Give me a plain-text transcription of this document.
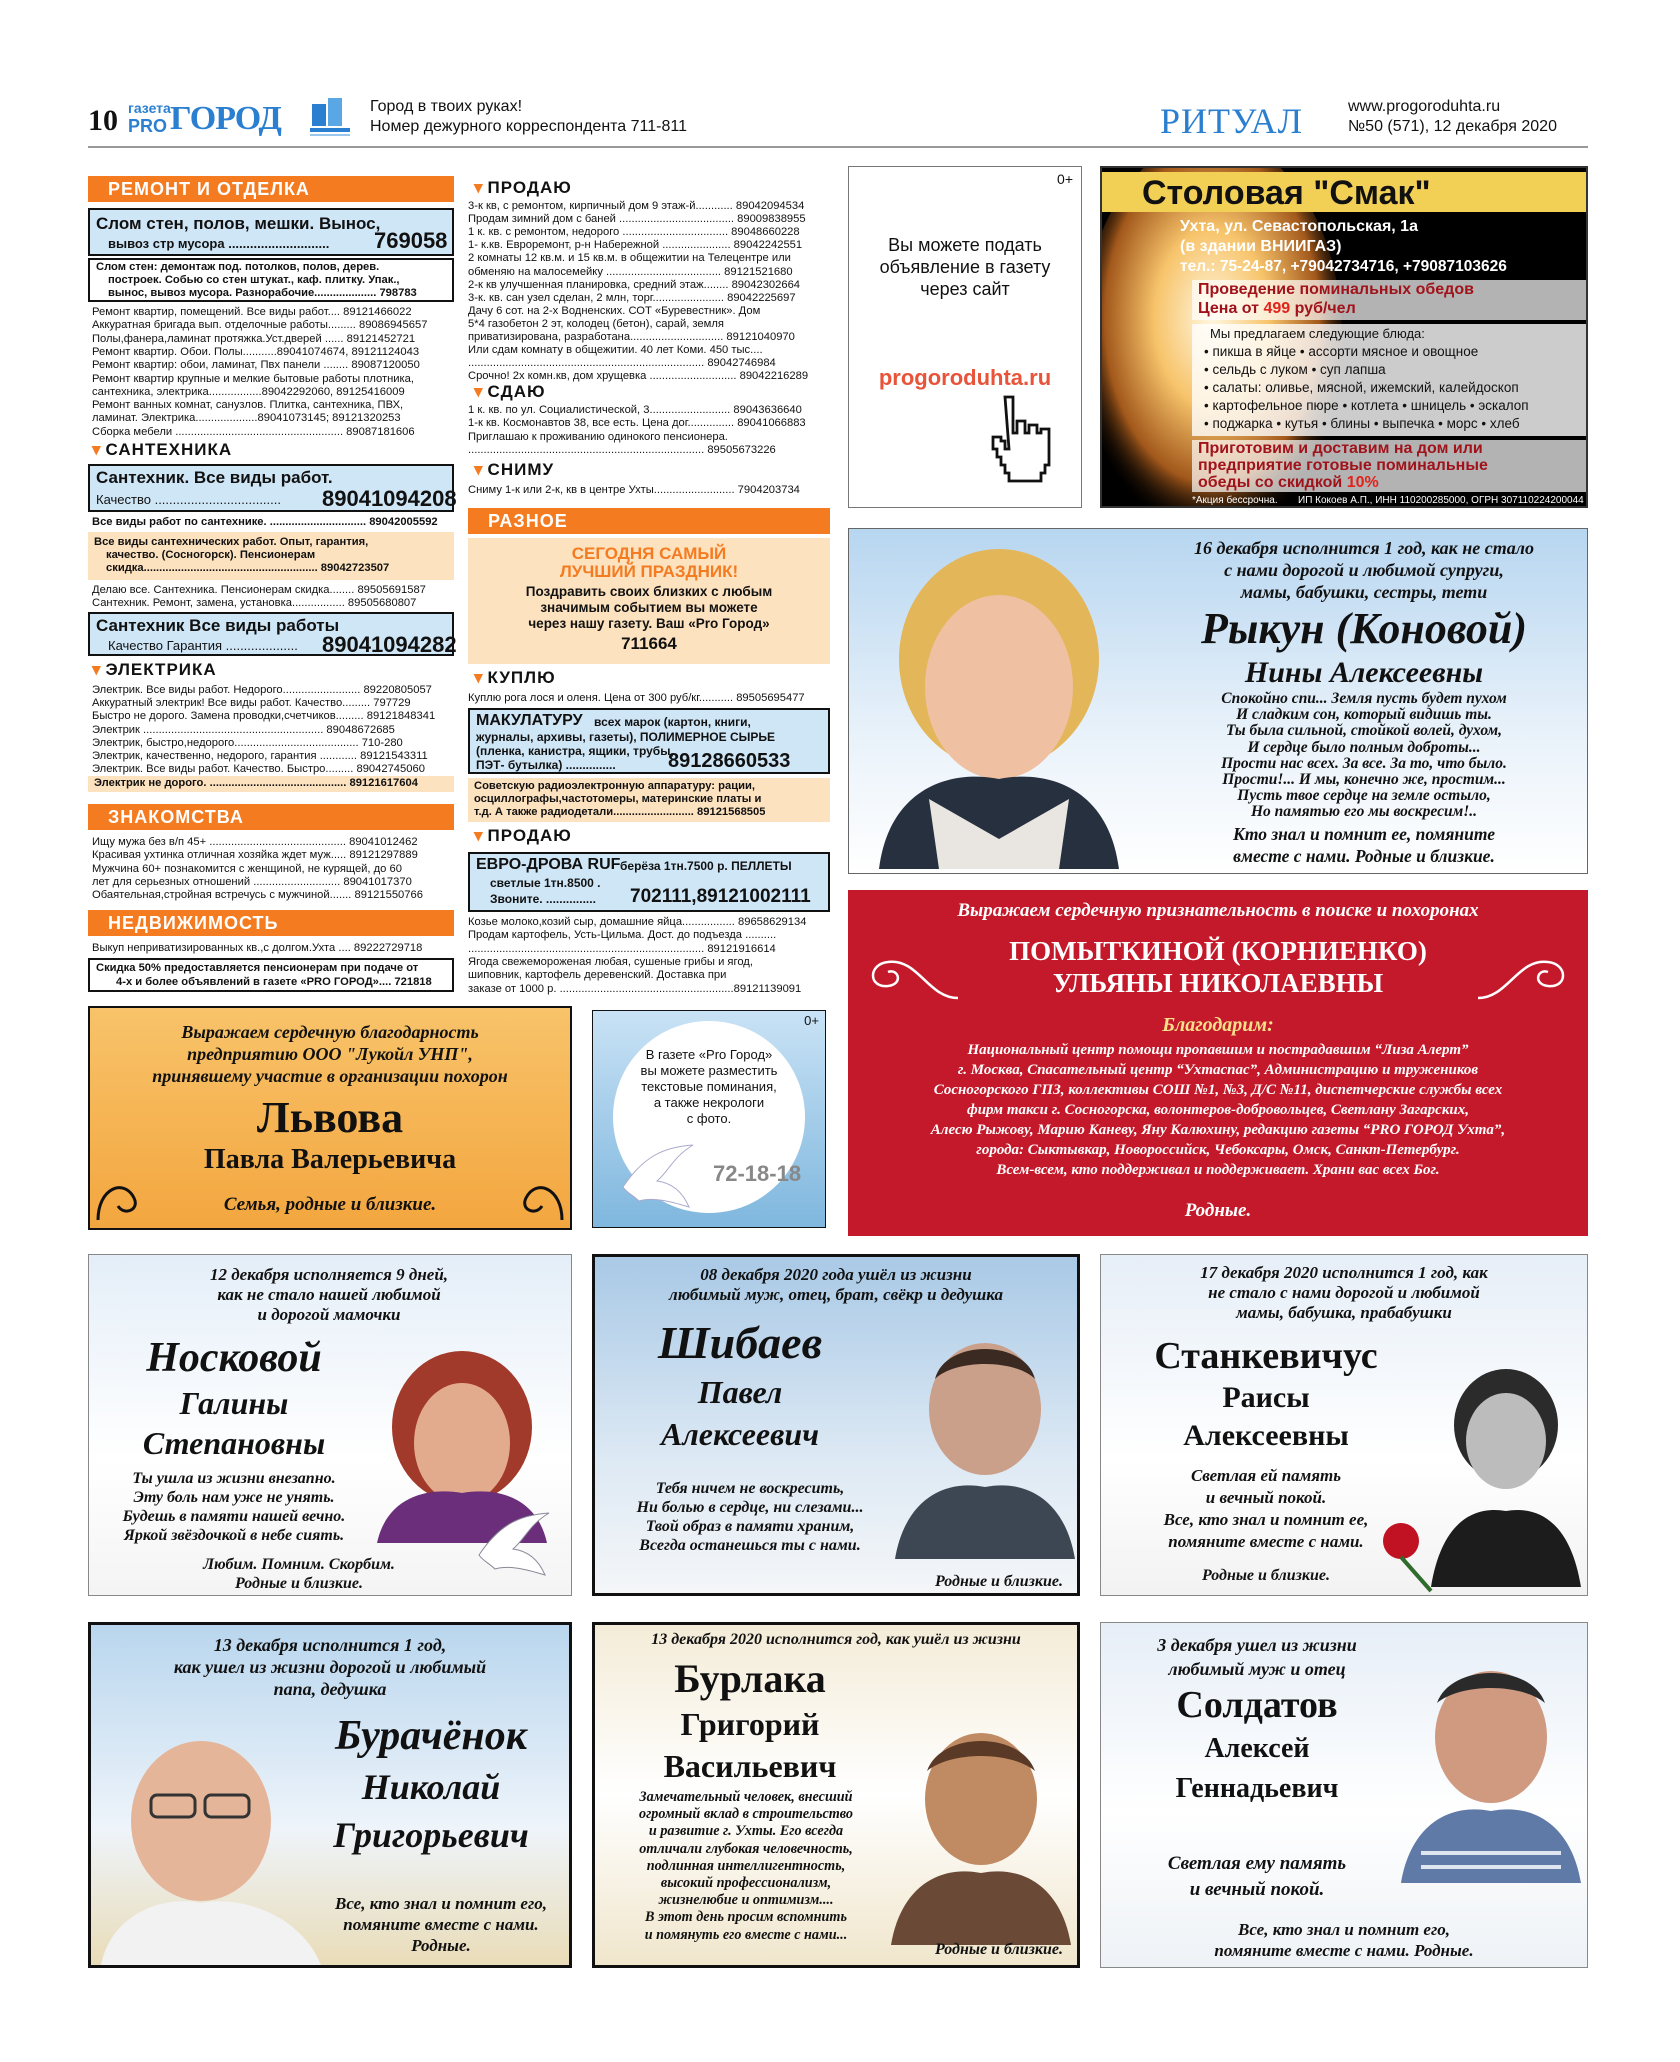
10 газета
PRO ГОРОД	Город в твоих руках!
Номер дежурного корреспондента 711-811	РИТУАЛ	www.progoroduhta.ru
№50 (571), 12 декабря 2020
РЕМОНТ И ОТДЕЛКА
Слом стен, полов, мешки. Вынос,
вывоз стр мусора ............................ 769058
Слом стен: демонтаж под. потолков, полов, дерев.
построек. Собью со стен штукат., каф. плитку. Упак.,
вынос, вывоз мусора. Разнорабочие.................... 798783
Ремонт квартир, помещений. Все виды работ.... 89121466022
Аккуратная бригада вып. отделочные работы......... 89086945657
Полы,фанера,ламинат протяжка.Уст.дверей ...... 89121452721
Ремонт квартир. Обои. Полы...........89041074674, 89121124043
Ремонт квартир: обои, ламинат, Пвх панели ........ 89087120050
Ремонт квартир крупные и мелкие бытовые работы плотника,
сантехника, электрика.................89042292060, 89125416009
Ремонт ванных комнат, санузлов. Плитка, сантехника, ПВХ,
ламинат. Электрика....................89041073145; 89121320253
Сборка мебели ...................................................... 89087181606
▾ САНТЕХНИКА
Сантехник. Все виды работ.
Качество ................................... 89041094208
Все виды работ по сантехнике. ............................... 89042005592
Все виды сантехнических работ. Опыт, гарантия,
качество. (Сосногорск). Пенсионерам
скидка........................................................ 89042723507
Делаю все. Сантехника. Пенсионерам скидка........ 89505691587
Сантехник. Ремонт, замена, установка................. 89505680807
Сантехник Все виды работы
Качество Гарантия .................... 89041094282
▾ ЭЛЕКТРИКА
Электрик. Все виды работ. Недорого......................... 89220805057
Аккуратный электрик! Все виды работ. Качество......... 797729
Быстро не дорого. Замена проводки,счетчиков......... 89121848341
Электрик .......................................................... 89048672685
Электрик, быстро,недорого........................................ 710-280
Электрик, качественно, недорого, гарантия ............ 89121543311
Электрик. Все виды работ. Качество. Быстро......... 89042745060
Электрик не дорого. ............................................ 89121617604
ЗНАКОМСТВА
Ищу мужа без в/п 45+ ............................................ 89041012462
Красивая ухтинка отличная хозяйка ждет муж..... 89121297889
Мужчина 60+ познакомится с женщиной, не курящей, до 60
лет для серьезных отношений ............................ 89041017370
Обаятельная,стройная встречусь с мужчиной....... 89121550766
НЕДВИЖИМОСТЬ
Выкуп неприватизированных кв.,с долгом.Ухта .... 89222729718
Скидка 50% предоставляется пенсионерам при подаче от
4-х и более объявлений в газете «PRO ГОРОД».... 721818
▾ ПРОДАЮ
3-к кв, с ремонтом, кирпичный дом 9 этаж-й............ 89042094534
Продам зимний дом с баней ..................................... 89009838955
1 к. кв. с ремонтом, недорого .................................. 89048660228
1- к.кв. Евроремонт, р-н Набережной ...................... 89042242551
2 комнаты 12 кв.м. и 15 кв.м. в общежитии на Телецентре или
обменяю на малосемейку ..................................... 89121521680
2-к кв улучшенная планировка, средний этаж........ 89042302664
3-к. кв. сан узел сделан, 2 млн, торг....................... 89042225697
Дачу 6 сот. на 2-х Водненских. СОТ «Буревестник». Дом
5*4 газобетон 2 эт, колодец (бетон), сарай, земля
приватизирована, разработана.............................. 89121040970
Или сдам комнату в общежитии. 40 лет Коми. 450 тыс....
............................................................................ 89042746984
Срочно! 2х комн.кв, дом хрущевка ............................ 89042216289
▾ СДАЮ
1 к. кв. по ул. Социалистической, 3.......................... 89043636640
1-к кв. Космонавтов 38, все есть. Цена дог............... 89041066883
Приглашаю к проживанию одинокого пенсионера.
............................................................................ 89505673226
▾ СНИМУ
Сниму 1-к или 2-к, кв в центре Ухты.......................... 7904203734
РАЗНОЕ
СЕГОДНЯ САМЫЙ
ЛУЧШИЙ ПРАЗДНИК!
Поздравить своих близких с любым
значимым событием вы можете
через нашу газету. Ваш «Pro Город»
711664
▾ КУПЛЮ
Куплю рога лося и оленя. Цена от 300 руб/кг........... 89505695477
МАКУЛАТУРУ всех марок (картон, книги,
журналы, архивы, газеты), ПОЛИМЕРНОЕ СЫРЬЕ
(пленка, канистра, ящики, трубы,
ПЭТ- бутылка) ...............	89128660533
Советскую радиоэлектронную аппаратуру: рации,
осциллографы,частотомеры, материнские платы и
т.д. А также радиодетали.......................... 89121568505
▾ ПРОДАЮ
ЕВРО-ДРОВА RUF берёза 1тн.7500 р. ПЕЛЛЕТЫ
светлые 1тн.8500 .
Звоните. ............... 702111,89121002111
Козье молоко,козий сыр, домашние яйца................. 89658629134
Продам картофель, Усть-Цильма. Дост. до подъезда ..........
............................................................................ 89121916614
Ягода свежемороженая любая, сушеные грибы и ягод,
шиповник, картофель деревенский. Доставка при
заказе от 1000 р. ........................................................89121139091
0+
Вы можете подать
объявление в газету
через сайт
progoroduhta.ru
Столовая "Смак"
Ухта, ул. Севастопольская, 1а
(в здании ВНИИГАЗ)
тел.: 75-24-87, +79042734716, +79087103626
Проведение поминальных обедов
Цена от 499 руб/чел
Мы предлагаем следующие блюда:
• пикша в яйце • ассорти мясное и овощное
• сельдь с луком • суп лапша
• салаты: оливье, мясной, ижемский, калейдоскоп
• картофельное пюре • котлета • шницель • эскалоп
• поджарка • кутья • блины • выпечка • морс • хлеб
Приготовим и доставим на дом или
предприятие готовые поминальные
обеды со скидкой 10%
*Акция бессрочна. ИП Кокоев А.П., ИНН 110200285000, ОГРН 307110224200044
16 декабря исполнится 1 год, как не стало
с нами дорогой и любимой супруги,
мамы, бабушки, сестры, тети
Рыкун (Коновой)
Нины Алексеевны
Спокойно спи... Земля пусть будет пухом
И сладким сон, который видишь ты.
Ты была сильной, стойкой волей, духом,
И сердце было полным доброты...
Прости нас всех. За все. За то, что было.
Прости!... И мы, конечно же, простим...
Пусть твое сердце на земле остыло,
Но памятью его мы воскресим!..
Кто знал и помнит ее, помяните
вместе с нами. Родные и близкие.
Выражаем сердечную признательность в поиске и похоронах
ПОМЫТКИНОЙ (КОРНИЕНКО)
УЛЬЯНЫ НИКОЛАЕВНЫ
Благодарим:
Национальный центр помощи пропавшим и пострадавшим “Лиза Алерт”
г. Москва, Спасательный центр “Ухтаспас”, Администрацию и тружеников
Сосногорского ГПЗ, коллективы СОШ №1, №3, Д/С №11, диспетчерские службы всех
фирм такси г. Сосногорска, волонтеров-добровольцев, Светлану Загарских,
Алесю Рыжову, Марию Каневу, Яну Калюхину, редакцию газеты “PRO ГОРОД Ухта”,
города: Сыктывкар, Новороссийск, Чебоксары, Омск, Санкт-Петербург.
Всем-всем, кто поддерживал и поддерживает. Храни вас всех Бог.
Родные.
Выражаем сердечную благодарность
предприятию ООО "Лукойл УНП",
принявшему участие в организации похорон
Львова
Павла Валерьевича
Семья, родные и близкие.
0+
В газете «Pro Город»
вы можете разместить
текстовые поминания,
а также некрологи
с фото.
72-18-18
12 декабря исполняется 9 дней,
как не стало нашей любимой
и дорогой мамочки
Носковой
Галины
Степановны
Ты ушла из жизни внезапно.
Эту боль нам уже не унять.
Будешь в памяти нашей вечно.
Яркой звёздочкой в небе сиять.
Любим. Помним. Скорбим.
Родные и близкие.
08 декабря 2020 года ушёл из жизни
любимый муж, отец, брат, свёкр и дедушка
Шибаев
Павел
Алексеевич
Тебя ничем не воскресить,
Ни болью в сердце, ни слезами...
Твой образ в памяти храним,
Всегда останешься ты с нами.
Родные и близкие.
17 декабря 2020 исполнится 1 год, как
не стало с нами дорогой и любимой
мамы, бабушка, прабабушки
Станкевичус
Раисы
Алексеевны
Светлая ей память
и вечный покой.
Все, кто знал и помнит ее,
помяните вместе с нами.
Родные и близкие.
13 декабря исполнится 1 год,
как ушел из жизни дорогой и любимый
папа, дедушка
Бурачёнок
Николай
Григорьевич
Все, кто знал и помнит его,
помяните вместе с нами.
Родные.
13 декабря 2020 исполнится год, как ушёл из жизни
Бурлака
Григорий
Васильевич
Замечательный человек, внесший
огромный вклад в строительство
и развитие г. Ухты. Его всегда
отличали глубокая человечность,
подлинная интеллигентность,
высокий профессионализм,
жизнелюбие и оптимизм....
В этот день просим вспомнить
и помянуть его вместе с нами...
Родные и близкие.
3 декабря ушел из жизни
любимый муж и отец
Солдатов
Алексей
Геннадьевич
Светлая ему память
и вечный покой.
Все, кто знал и помнит его,
помяните вместе с нами. Родные.
